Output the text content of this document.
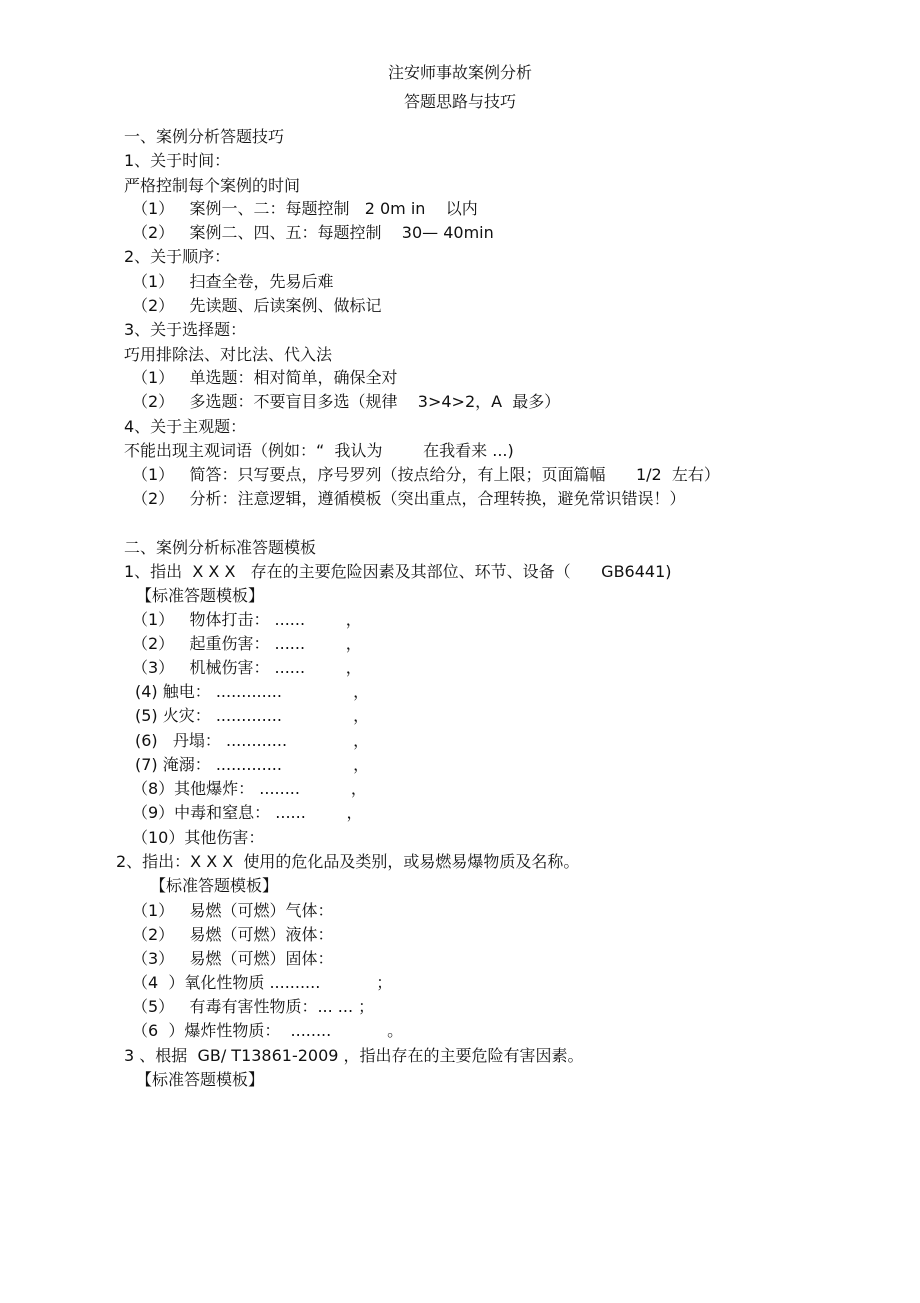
注安师事故案例分析
答题思路与技巧
一、案例分析答题技巧
1、关于时间：
严格控制每个案例的时间
（1）   案例一、二：每题控制   2 0m in    以内
（2）   案例二、四、五：每题控制    30— 40min
2、关于顺序：
（1）   扫查全卷，先易后难
（2）   先读题、后读案例、做标记
3、关于选择题：
巧用排除法、对比法、代入法
（1）   单选题：相对简单，确保全对
（2）   多选题：不要盲目多选（规律    3>4>2，A  最多）
4、关于主观题：
不能出现主观词语（例如：“  我认为        在我看来 ...)
（1）   简答：只写要点，序号罗列（按点给分，有上限；页面篇幅      1/2  左右）
（2）   分析：注意逻辑，遵循模板（突出重点，合理转换，避免常识错误！）
二、案例分析标准答题模板
1、指出  X X X   存在的主要危险因素及其部位、环节、设备（      GB6441)
【标准答题模板】
（1）   物体打击： ......        ，
（2）   起重伤害： ......        ，
（3）   机械伤害： ......        ，
(4) 触电： .............              ，
(5) 火灾： .............              ，
(6)   丹塌： ............             ，
(7) 淹溺： .............              ，
（8）其他爆炸： ........          ，
（9）中毒和窒息： ......        ，
（10）其他伤害：
2、指出：X X X  使用的危化品及类别，或易燃易爆物质及名称。
【标准答题模板】
（1）   易燃（可燃）气体：
（2）   易燃（可燃）液体：
（3）   易燃（可燃）固体：
（4  ）氧化性物质 ..........           ；
（5）   有毒有害性物质：... ... ；
（6  ）爆炸性物质：  ........           。
3 、根据  GB/ T13861-2009 ，指出存在的主要危险有害因素。
【标准答题模板】
